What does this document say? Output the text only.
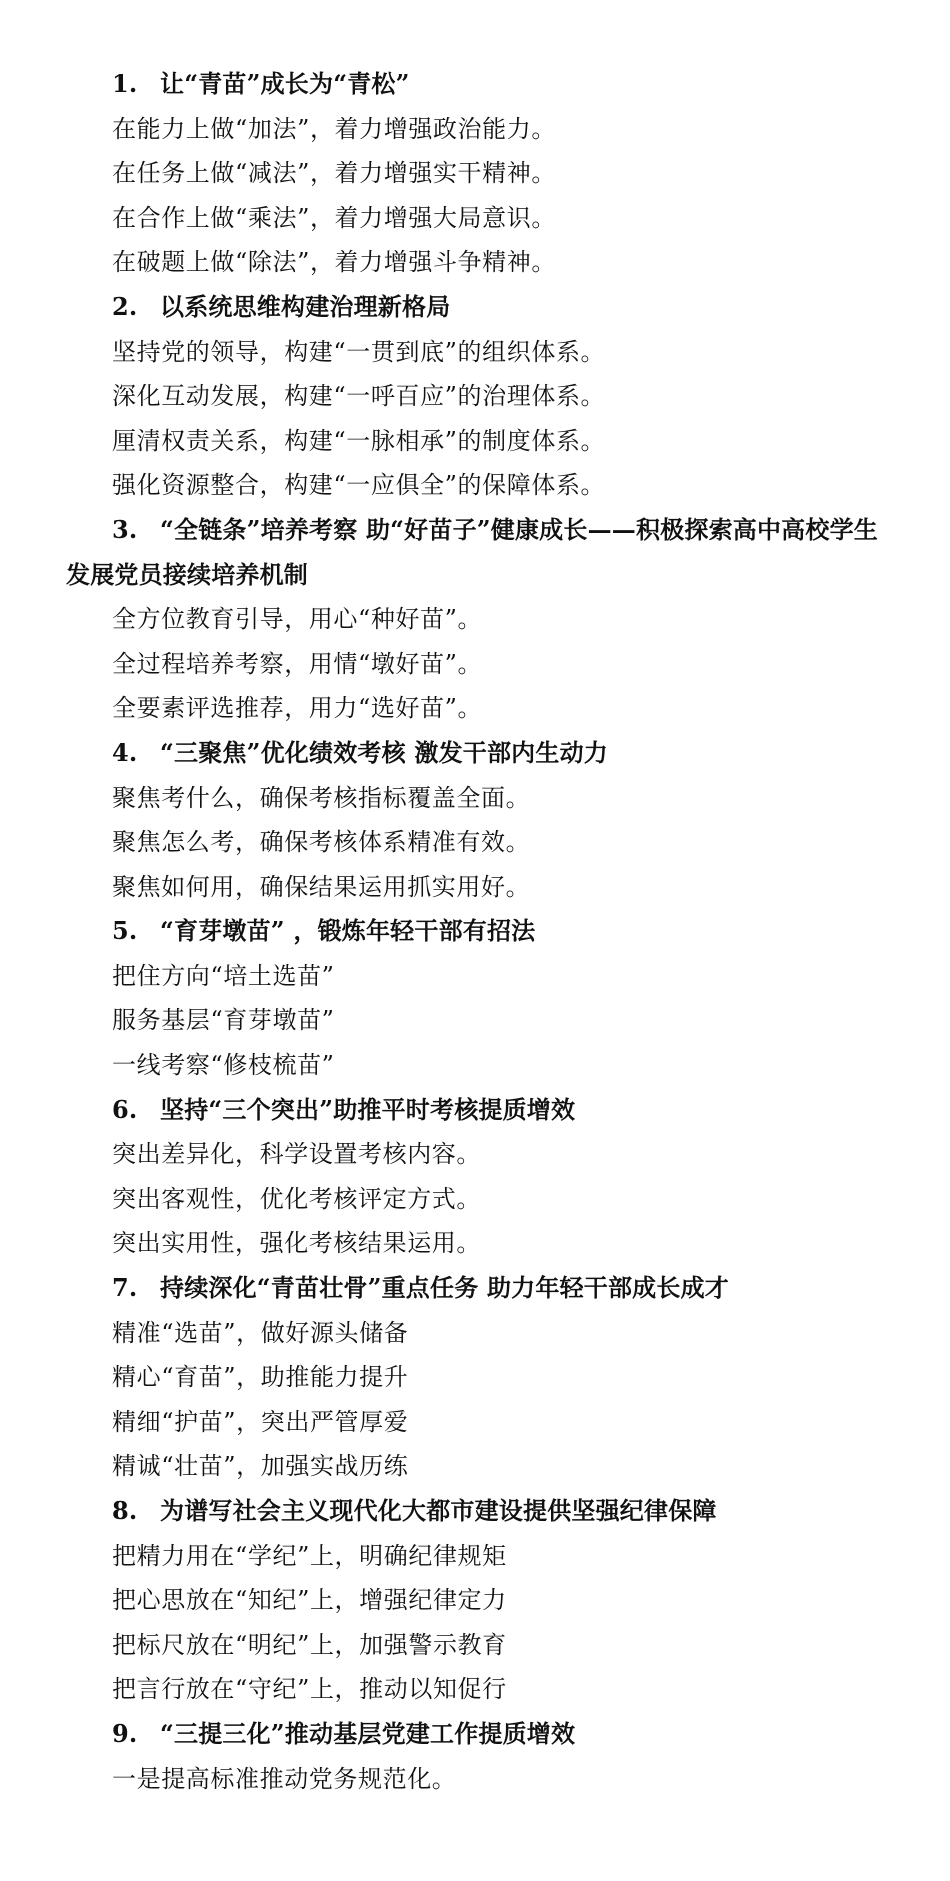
1. 让“青苗”成长为“青松”

在能力上做“加法”，着力增强政治能力。

在任务上做“减法”，着力增强实干精神。

在合作上做“乘法”，着力增强大局意识。

在破题上做“除法”，着力增强斗争精神。

2. 以系统思维构建治理新格局

坚持党的领导，构建“一贯到底”的组织体系。

深化互动发展，构建“一呼百应”的治理体系。

厘清权责关系，构建“一脉相承”的制度体系。

强化资源整合，构建“一应俱全”的保障体系。

3. “全链条”培养考察 助“好苗子”健康成长——积极探索高中高校学生发展党员接续培养机制

全方位教育引导，用心“种好苗”。

全过程培养考察，用情“墩好苗”。

全要素评选推荐，用力“选好苗”。

4. “三聚焦”优化绩效考核 激发干部内生动力

聚焦考什么，确保考核指标覆盖全面。

聚焦怎么考，确保考核体系精准有效。

聚焦如何用，确保结果运用抓实用好。

5. “育芽墩苗” ，锻炼年轻干部有招法

把住方向“培土选苗”

服务基层“育芽墩苗”

一线考察“修枝梳苗”

6. 坚持“三个突出”助推平时考核提质增效

突出差异化，科学设置考核内容。

突出客观性，优化考核评定方式。

突出实用性，强化考核结果运用。

7. 持续深化“青苗壮骨”重点任务 助力年轻干部成长成才

精准“选苗”，做好源头储备

精心“育苗”，助推能力提升

精细“护苗”，突出严管厚爱

精诚“壮苗”，加强实战历练

8. 为谱写社会主义现代化大都市建设提供坚强纪律保障

把精力用在“学纪”上，明确纪律规矩

把心思放在“知纪”上，增强纪律定力

把标尺放在“明纪”上，加强警示教育

把言行放在“守纪”上，推动以知促行

9. “三提三化”推动基层党建工作提质增效

一是提高标准推动党务规范化。
